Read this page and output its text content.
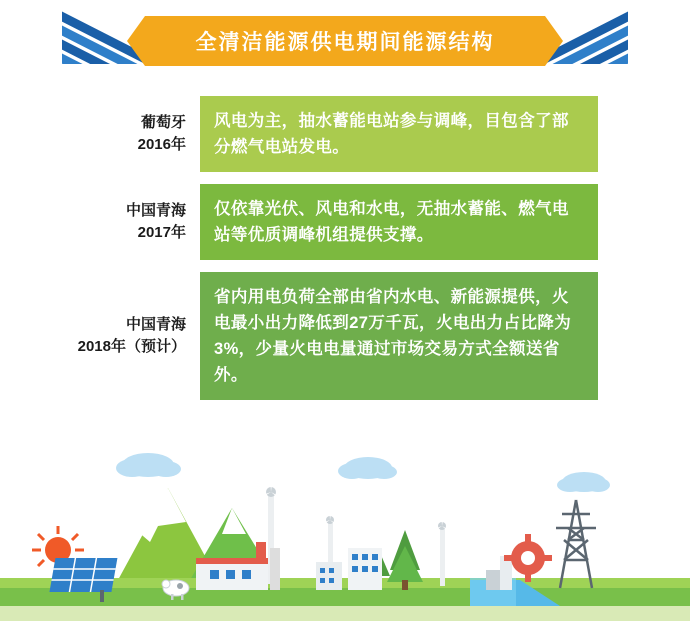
全清洁能源供电期间能源结构
葡萄牙
2016年

风电为主，抽水蓄能电站参与调峰，目包含了部分燃气电站发电。

中国青海
2017年

仅依靠光伏、风电和水电，无抽水蓄能、燃气电站等优质调峰机组提供支撑。

中国青海
2018年（预计）

省内用电负荷全部由省内水电、新能源提供，火电最小出力降低到27万千瓦，火电出力占比降为3%，少量火电电量通过市场交易方式全额送省外。
